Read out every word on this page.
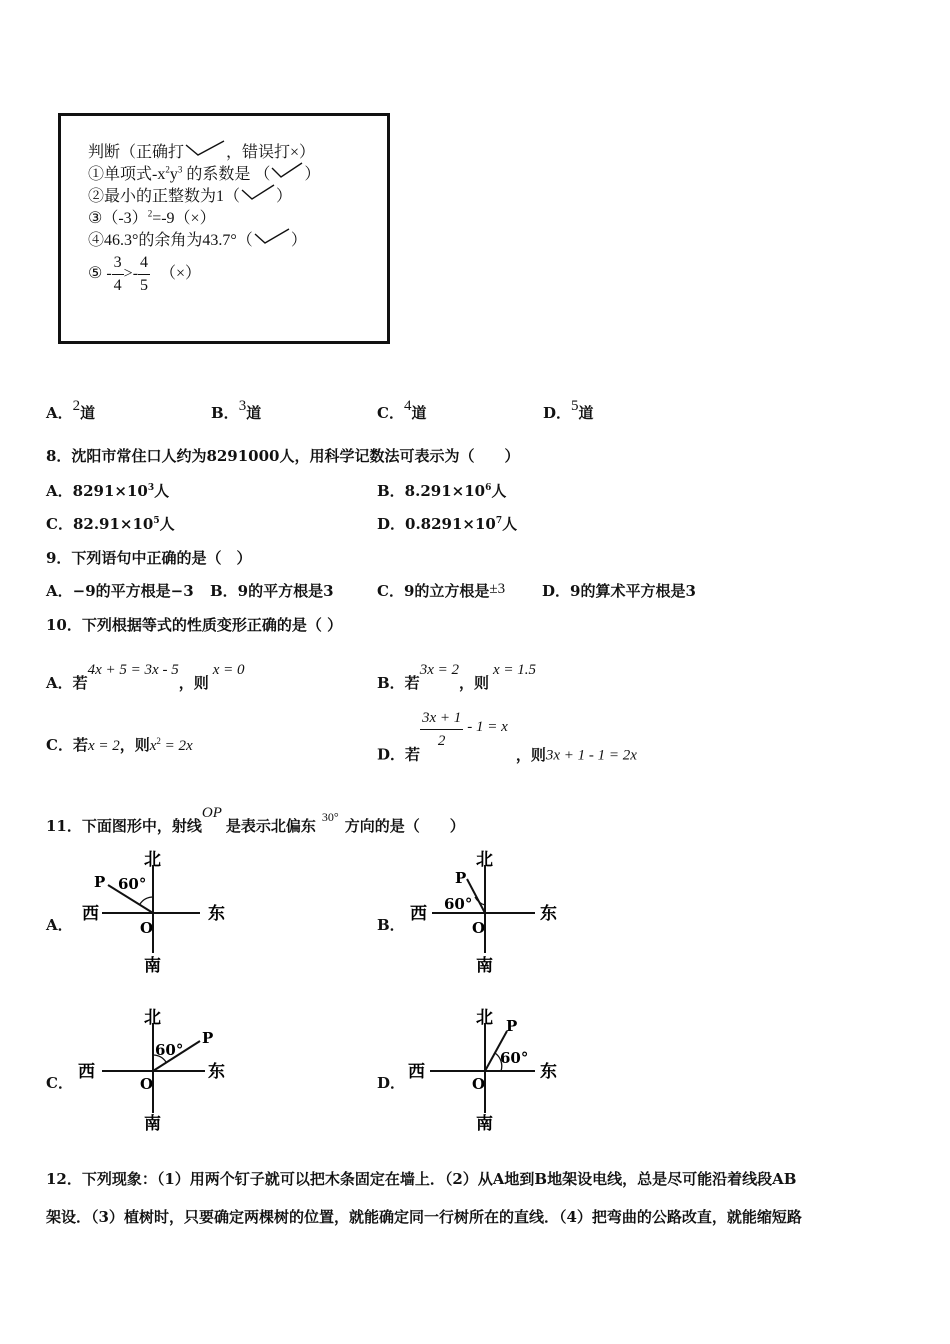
判断（正确打	，错误打×）
①单项式$-x^2y^3$ 的系数是 （ ）
②最小的正整数为1（ ）
$③(-3)^2=-9(\times)$
④46.3°的余角为43.7°（ ）
⑤ - $\frac{3}{4} >- \frac{4}{5}$ （×）
A．$^2$道	B．$^3$道	C．$^4$道	D．$^5$道
8．沈阳市常住口人约为8291000人，用科学记数法可表示为（　　）
A．$8291\times 10^3$人	B．$8.291\times 10^6$人
C．$82.91\times 10^5$人	D．$0.8291\times 10^7$人
9．下列语句中正确的是（　）
A．−9的平方根是−3 B．9的平方根是3	C．9的立方根是±3 D．9的算术平方根是3
10．下列根据等式的性质变形正确的是（ ）
A．若4x + 5 = 3x - 5，则x = 0
B．若3x = 2，则x = 1.5
C．若x = 2，则$x^2 = 2x$	D．若
$\frac{3x + 1}{2} - 1 = x$，则3x + 1 - 1 = 2x
11．下面图形中，射线OP是表示北偏东 $^{30^\circ}$ 方向的是（　　）
A．	B．
C．	D．
北
南
西	东
O
P 60°
北
南
西	东
O
P
60°
北
南
西	东
O
P
60°
北
南
西	东
O
P
60°
12．下列现象：（1）用两个钉子就可以把木条固定在墙上．（2）从A地到B地架设电线，总是尽可能沿着线段AB
架设．（3）植树时，只要确定两棵树的位置，就能确定同一行树所在的直线．（4）把弯曲的公路改直，就能缩短路
